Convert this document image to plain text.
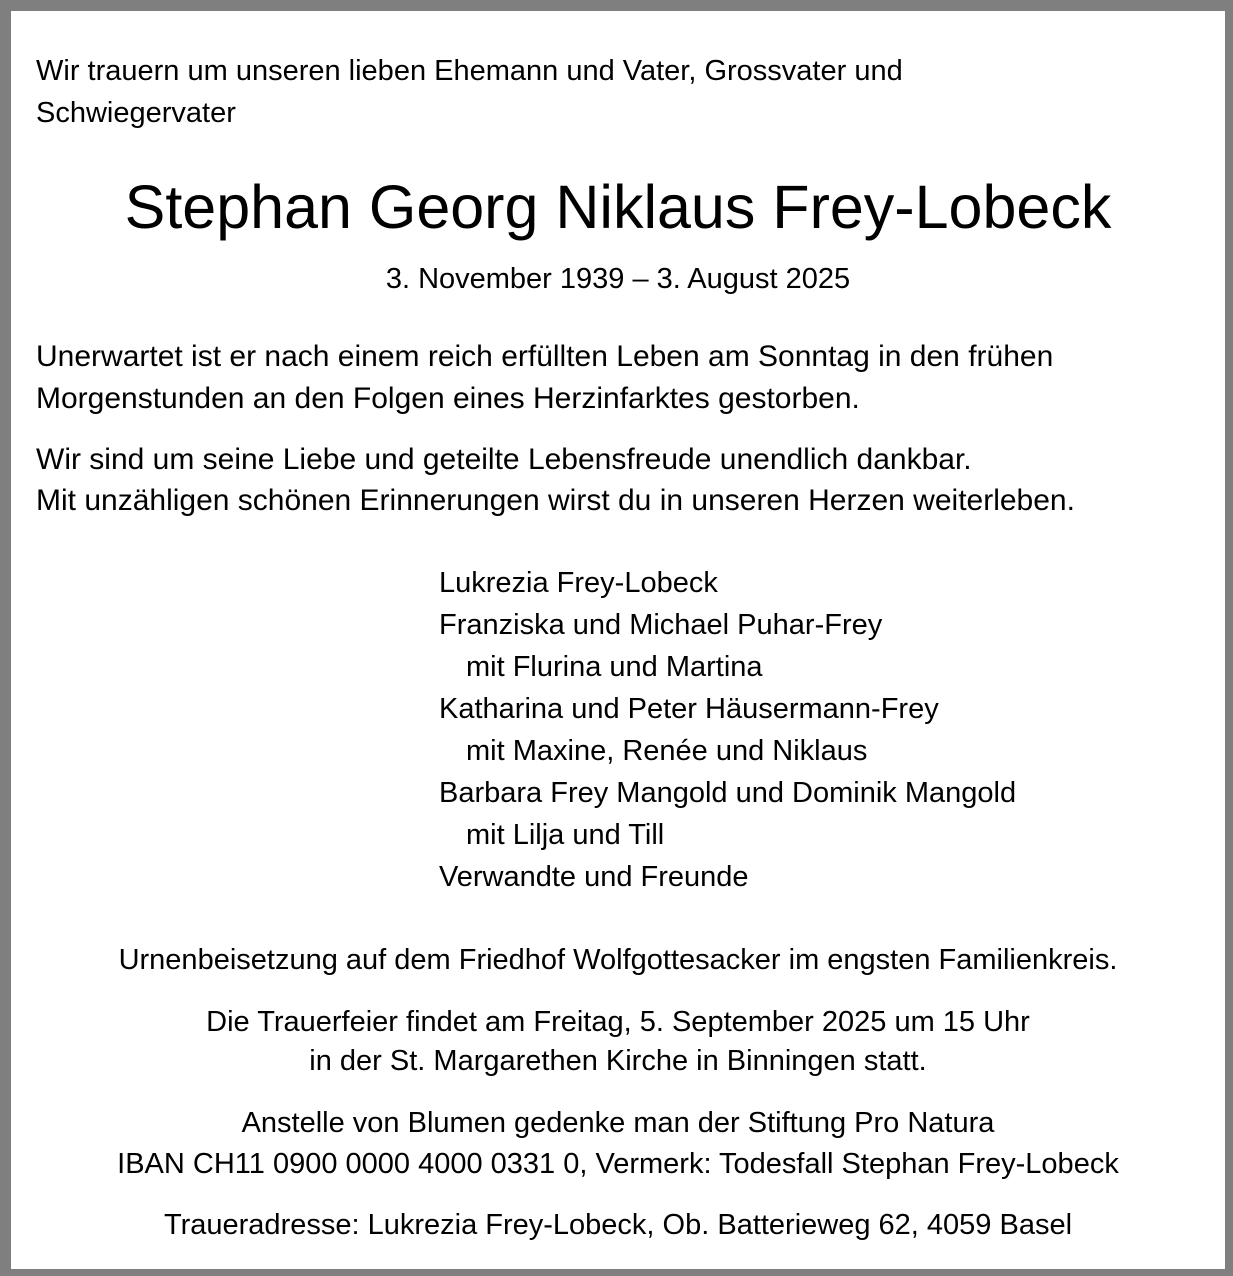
Wir trauern um unseren lieben Ehemann und Vater, Grossvater und
Schwiegervater
Stephan Georg Niklaus Frey-Lobeck
3. November 1939 – 3. August 2025
Unerwartet ist er nach einem reich erfüllten Leben am Sonntag in den frühen
Morgenstunden an den Folgen eines Herzinfarktes gestorben.
Wir sind um seine Liebe und geteilte Lebensfreude unendlich dankbar.
Mit unzähligen schönen Erinnerungen wirst du in unseren Herzen weiterleben.
Lukrezia Frey-Lobeck
Franziska und Michael Puhar-Frey
mit Flurina und Martina
Katharina und Peter Häusermann-Frey
mit Maxine, Renée und Niklaus
Barbara Frey Mangold und Dominik Mangold
mit Lilja und Till
Verwandte und Freunde
Urnenbeisetzung auf dem Friedhof Wolfgottesacker im engsten Familienkreis.
Die Trauerfeier findet am Freitag, 5. September 2025 um 15 Uhr
in der St. Margarethen Kirche in Binningen statt.
Anstelle von Blumen gedenke man der Stiftung Pro Natura
IBAN CH11 0900 0000 4000 0331 0, Vermerk: Todesfall Stephan Frey-Lobeck
Traueradresse: Lukrezia Frey-Lobeck, Ob. Batterieweg 62, 4059 Basel
